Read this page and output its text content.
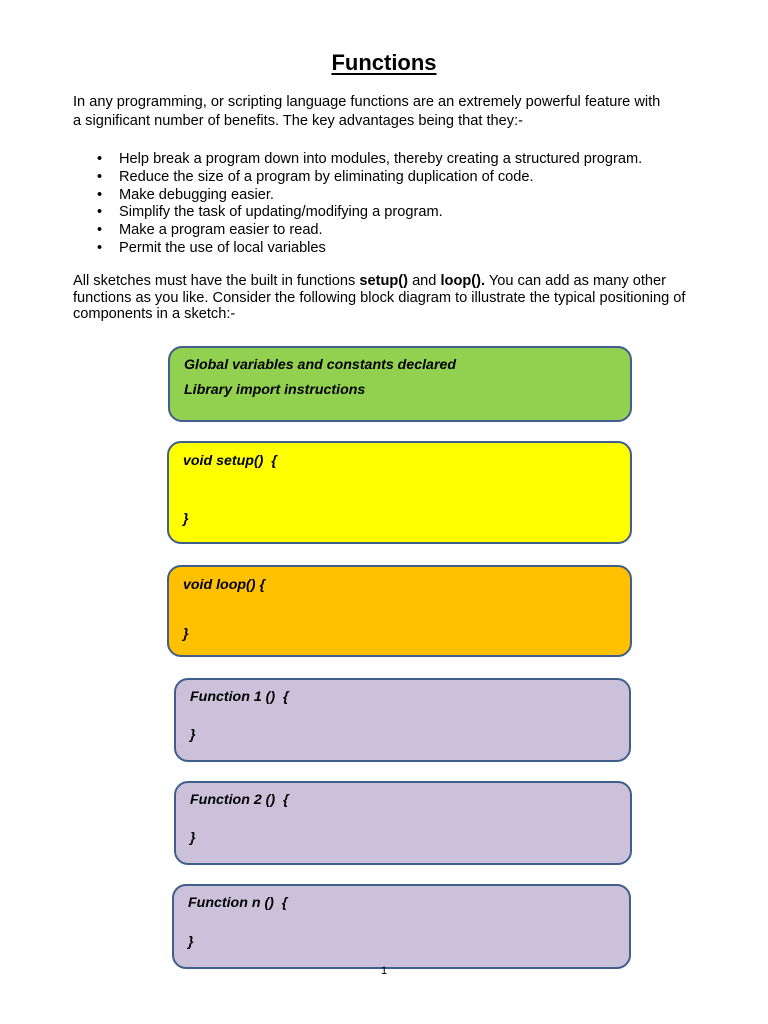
Functions

In any programming, or scripting language functions are an extremely powerful feature with
a significant number of benefits. The key advantages being that they:-

• Help break a program down into modules, thereby creating a structured program.
• Reduce the size of a program by eliminating duplication of code.
• Make debugging easier.
• Simplify the task of updating/modifying a program.
• Make a program easier to read.
• Permit the use of local variables

All sketches must have the built in functions setup() and loop(). You can add as many other functions as you like. Consider the following block diagram to illustrate the typical positioning of components in a sketch:-

Global variables and constants declared
Library import instructions
void setup()  {
}
void loop() {
}
Function 1 ()  {
}
Function 2 ()  {
}
Function n ()  {
}
1
